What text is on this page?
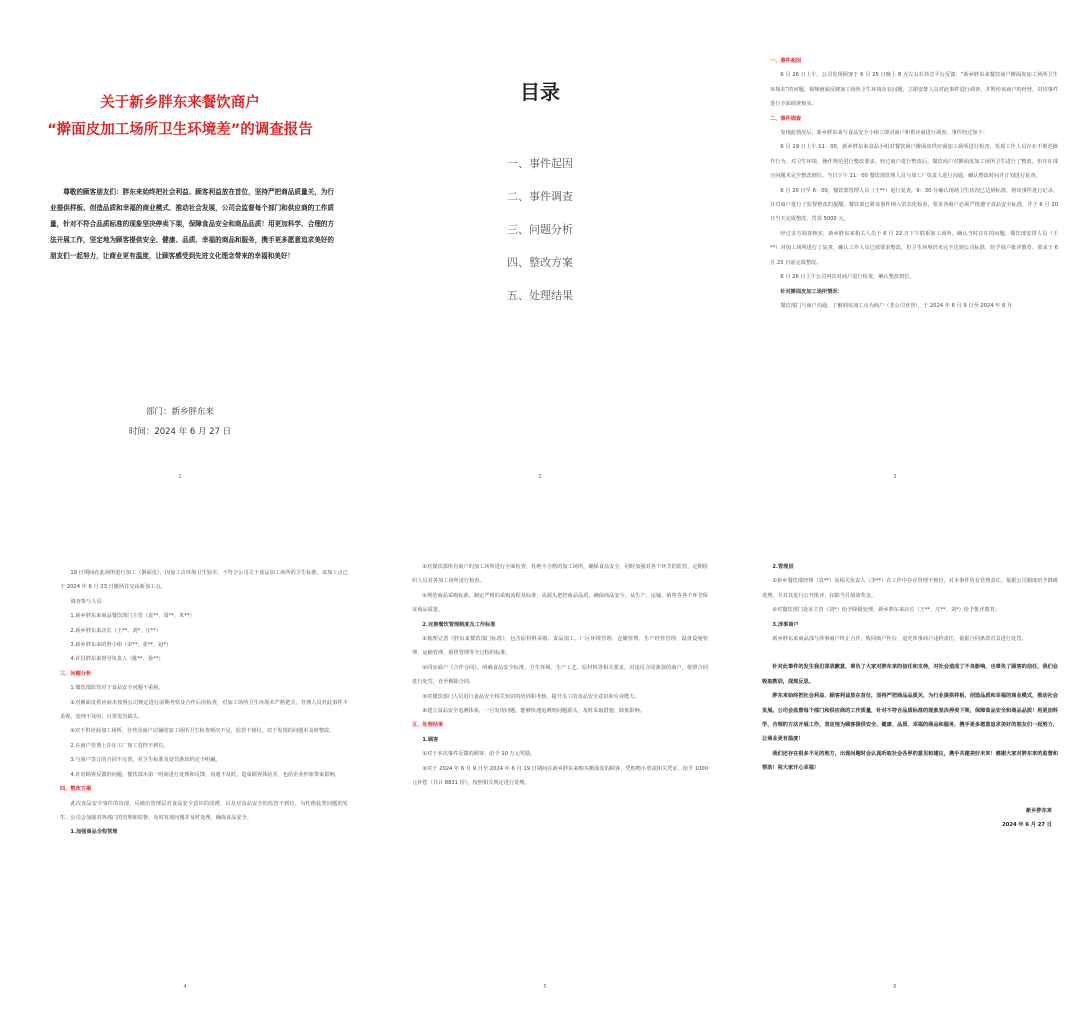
关于新乡胖东来餐饮商户
“擀面皮加工场所卫生环境差”的调查报告
尊敬的顾客朋友们：胖东来始终把社会利益、顾客利益放在首位，坚持严把商品质量关，为行业提供样板、创造品质和幸福的商业模式、推动社会发展，公司会监督每个部门和供应商的工作质量，针对不符合品质标准的现象坚决停卖下架，保障食品安全和商品品质！用更加科学、合理的方法开展工作，坚定地为顾客提供安全、健康、品质、幸福的商品和服务，携手更多愿意追求美好的朋友们一起努力，让商业更有温度，让顾客感受到先进文化理念带来的幸福和美好！
部门：新乡胖东来
时间：2024 年 6 月 27 日
1
目录
一、事件起因
二、事件调查
三、问题分析
四、整改方案
五、处理结果
2

一、事件起因

6 月 26 日上午，公司发现顾客于 6 月 25 日晚上 8 点左右在抖音平台反馈：“新乡胖东来餐饮商户擀面皮加工场所卫生环境差”的问题，视频画面反映加工场所卫生环境存在问题，立即安排人员对此事件进行调查，并暂停该商户的经营，对该事件进行全面调查核实。

二、事件调查

发现此情况后，新乡胖东来与食品安全小组立即对商户和供应商进行调查。事件经过如下：

6 月 19 日上午 11：00，新乡胖东来食品小组对餐饮商户擀面皮供应商加工场所进行检查，发现工作人员存在不规范操作行为，对卫生环境、操作规范进行整改要求，经过商户进行整改后，餐饮商户对擀面皮加工场所卫生进行了整改，但存在部分问题未完全整改到位。当日下午 11：00 餐饮部管理人员与加工厂负责人进行沟通，确认整改时间并计划进行复查。

6 月 20 日早 6：00，餐饮部管理人员（王**）进行复查，9：30 分确认现场卫生状况已达到标准，将该事件进行记录，并对商户进行了监督整改的提醒。餐饮部已将该事件纳入常态化检查，要求各商户必须严格遵守食品安全标准，并于 6 月 20 日当天完成整改，罚款 5000 元。

经过多方调查核实，新乡胖东来相关人员于 6 月 22 日下午联系加工场所，确认当时存在的问题，餐饮部安排人员（王**）对加工场所进行了复查，确认工作人员已按要求整改，但卫生环境仍未完全达到公司标准，给予商户批评教育，要求于 6 月 23 日前完成整改。

6 月 26 日上午公司再次对商户进行检查，确认整改到位。

针对擀面皮加工场所情况：

餐饮部门与商户沟通，了解到该加工点为商户（非公司直营），于 2024 年 6 月 9 日至 2024 年 6 月

3

19 日期间在此场所进行加工（擀面皮），因加工点环境卫生较差，不符合公司关于食品加工场所的卫生标准，该加工点已于 2024 年 6 月 23 日撤场并交由新加工点。

调查参与人员

1.新乡胖东来商品餐饮部门主管（袁**、周**、朱**）

2.新乡胖东来店长（王**、刘*、庄**）

3.新乡胖东来的督小组（宋**、张**、赵*）

4.许昌胖东来督导负责人（陈**、孙**）

三、问题分析

1.餐饮部监管对于食品安全问题不重视。

①对擀面皮供应商未按照公司规定进行前期考察及合作后的检查，对加工场所卫生环境未严格把关，管理人员对此事件不重视，处理不及时，日常监管缺失。

②对于供应商加工场所，自营及商户店铺的加工场所卫生检查频次不足，监管不到位，对于发现的问题未及时整改。

2.在商户管理上存在工厂加工管控不到位。

3.与商户签订的合同不完善，对卫生标准及处罚条款约定不明确。

4.针对顾客反馈的问题，餐饮部未第一时间进行处理和反馈，沟通不及时，造成顾客体验差，也给企业形象带来影响。

四、整改方案

此次食品安全事件的出现，反映出管理层对食品安全意识的淡薄，以及对食品安全的监管不到位。为杜绝此类问题的发生，公司会加强对各部门的管理和监督，及时发现问题并及时处理，确保食品安全。

1.加强商品全程管理

4

①对餐饮部所有商户的加工场所进行全面检查，杜绝不合格的加工场所，确保食品安全，同时加强对各个环节的监管，定期组织人员对各加工场所进行检查。

②规范商品采购标准，制定严格的采购流程及标准，从源头把控商品品质，确保商品安全，从生产、运输、销售等各个环节保证商品质量。

2.完善餐饮管理制度及工作标准

①梳理完善《胖东来餐饮部门标准》，包含原材料采购、食品加工、厂区环境管理、仓储管理、生产经营管理、设备设施管理、运输管理、销售管理等全过程的标准。

②同步商户《合作合同》，明确食品安全标准、卫生环境、生产工艺、原材料等相关要求，对违反合同条款的商户，依照合同进行处罚，直至解除合同。

③对餐饮部门人员进行食品安全相关知识的培训和考核，提升员工的食品安全意识和专业能力。

④建立食品安全追溯体系，一旦发现问题，能够快速追溯到问题源头，及时采取措施，降低影响。

五、处理结果

1.顾客

①对于本次事件反馈的顾客，给予 10 万元奖励。

②对于 2024 年 6 月 9 日至 2024 年 6 月 19 日期间在新乡胖东来购买擀面皮的顾客，凭购物小票或相关凭证，给予 1000 元补偿（共计 8831 份），按照相关规定进行处理。

5

2.管理层

①新乡餐饮部经理（袁**）及相关负责人（李**）在工作中存在管理不到位，对本事件负有管理责任，依据公司制度给予降级处理，并对其进行公开批评，扣除当月绩效奖金。

②对餐饮部门处室主管（刘*）给予降级处理，新乡胖东来店长（王**、庄**、刘*）给予批评教育。

3.涉事商户

新乡胖东来商品部与涉事商户终止合作，收回商户柜台，追究涉事商户违约责任，依据合同条款对其进行处罚。

针对此事件的发生我们深表歉意，辜负了大家对胖东来的信任和支持，对社会造成了不良影响，也辜负了顾客的信任，我们会吸取教训，深刻反思。

胖东来始终把社会利益、顾客利益放在首位，坚持严把商品品质关，为行业提供样板，创造品质和幸福的商业模式，推动社会发展。公司会监督每个部门和供应商的工作质量，针对不符合品质标准的现象坚决停卖下架，保障食品安全和商品品质！用更加科学、合理的方法开展工作，坚定地为顾客提供安全、健康、品质、幸福的商品和服务，携手更多愿意追求美好的朋友们一起努力，让商业更有温度！

我们还存在很多不足的地方，出现问题时会认真听取社会各界的意见和建议，携手共建美好未来！感谢大家对胖东来的监督和帮助！祝大家开心幸福！

新乡胖东来

2024 年 6 月 27 日

6
